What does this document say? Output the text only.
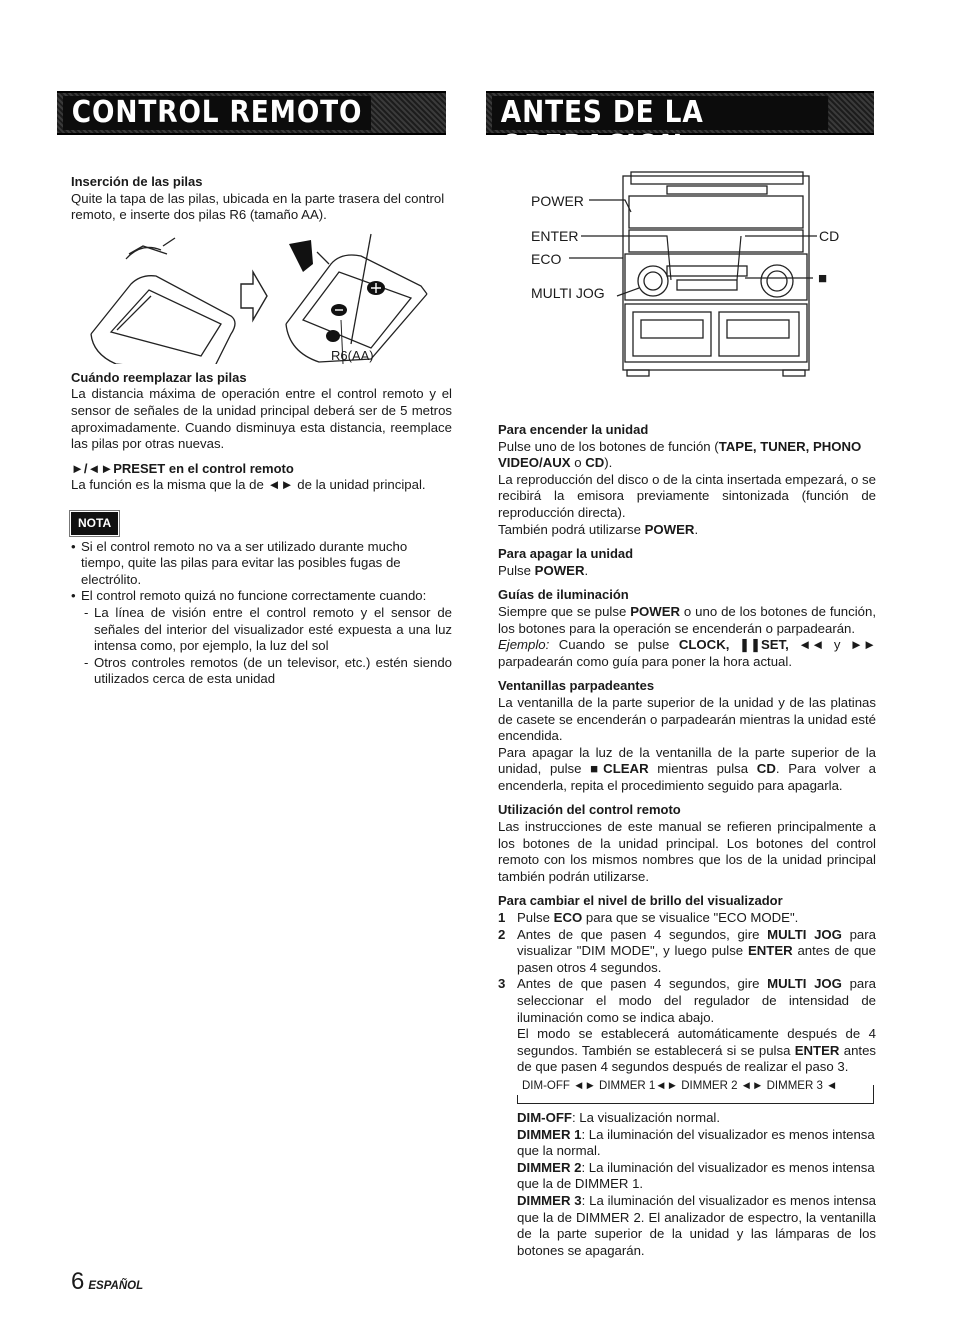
CONTROL REMOTO	ANTES DE LA OPERACION
Inserción de las pilas

Quite la tapa de las pilas, ubicada en la parte trasera del control remoto, e inserte dos pilas R6 (tamaño AA).

R6(AA)
Cuándo reemplazar las pilas

La distancia máxima de operación entre el control remoto y el sensor de señales de la unidad principal deberá ser de 5 metros aproximadamente. Cuando disminuya esta distancia, reemplace las pilas por otras nuevas.

►/◄►PRESET en el control remoto

La función es la misma que la de ◄► de la unidad principal.

NOTA
• Si el control remoto no va a ser utilizado durante mucho tiempo, quite las pilas para evitar las posibles fugas de electrólito.
• El control remoto quizá no funcione correctamente cuando:
- La línea de visión entre el control remoto y el sensor de señales del interior del visualizador esté expuesta a una luz intensa como, por ejemplo, la luz del sol
- Otros controles remotos (de un televisor, etc.) estén siendo utilizados cerca de esta unidad
POWER
ENTER
ECO
MULTI JOG
CD
■
Para encender la unidad

Pulse uno de los botones de función (TAPE, TUNER, PHONO VIDEO/AUX o CD).

La reproducción del disco o de la cinta insertada empezará, o se recibirá la emisora previamente sintonizada (función de reproducción directa).

También podrá utilizarse POWER.

Para apagar la unidad

Pulse POWER.

Guías de iluminación

Siempre que se pulse POWER o uno de los botones de función, los botones para la operación se encenderán o parpadearán.

Ejemplo: Cuando se pulse CLOCK, ❚❚SET, ◄◄ y ►► parpadearán como guía para poner la hora actual.

Ventanillas parpadeantes

La ventanilla de la parte superior de la unidad y de las platinas de casete se encenderán o parpadearán mientras la unidad esté encendida.

Para apagar la luz de la ventanilla de la parte superior de la unidad, pulse ■CLEAR mientras pulsa CD. Para volver a encenderla, repita el procedimiento seguido para apagarla.

Utilización del control remoto

Las instrucciones de este manual se refieren principalmente a los botones de la unidad principal. Los botones del control remoto con los mismos nombres que los de la unidad principal también podrán utilizarse.

Para cambiar el nivel de brillo del visualizador
1 Pulse ECO para que se visualice "ECO MODE".
2 Antes de que pasen 4 segundos, gire MULTI JOG para visualizar "DIM MODE", y luego pulse ENTER antes de que pasen otros 4 segundos.
3 Antes de que pasen 4 segundos, gire MULTI JOG para seleccionar el modo del regulador de intensidad de iluminación como se indica abajo.

El modo se establecerá automáticamente después de 4 segundos. También se establecerá si se pulsa ENTER antes de que pasen 4 segundos después de realizar el paso 3.

DIM-OFF ◄► DIMMER 1◄► DIMMER 2 ◄► DIMMER 3 ◄

DIM-OFF: La visualización normal.

DIMMER 1: La iluminación del visualizador es menos intensa que la normal.

DIMMER 2: La iluminación del visualizador es menos intensa que la de DIMMER 1.

DIMMER 3: La iluminación del visualizador es menos intensa que la de DIMMER 2. El analizador de espectro, la ventanilla de la parte superior de la unidad y las lámparas de los botones se apagarán.

6 ESPAÑOL
